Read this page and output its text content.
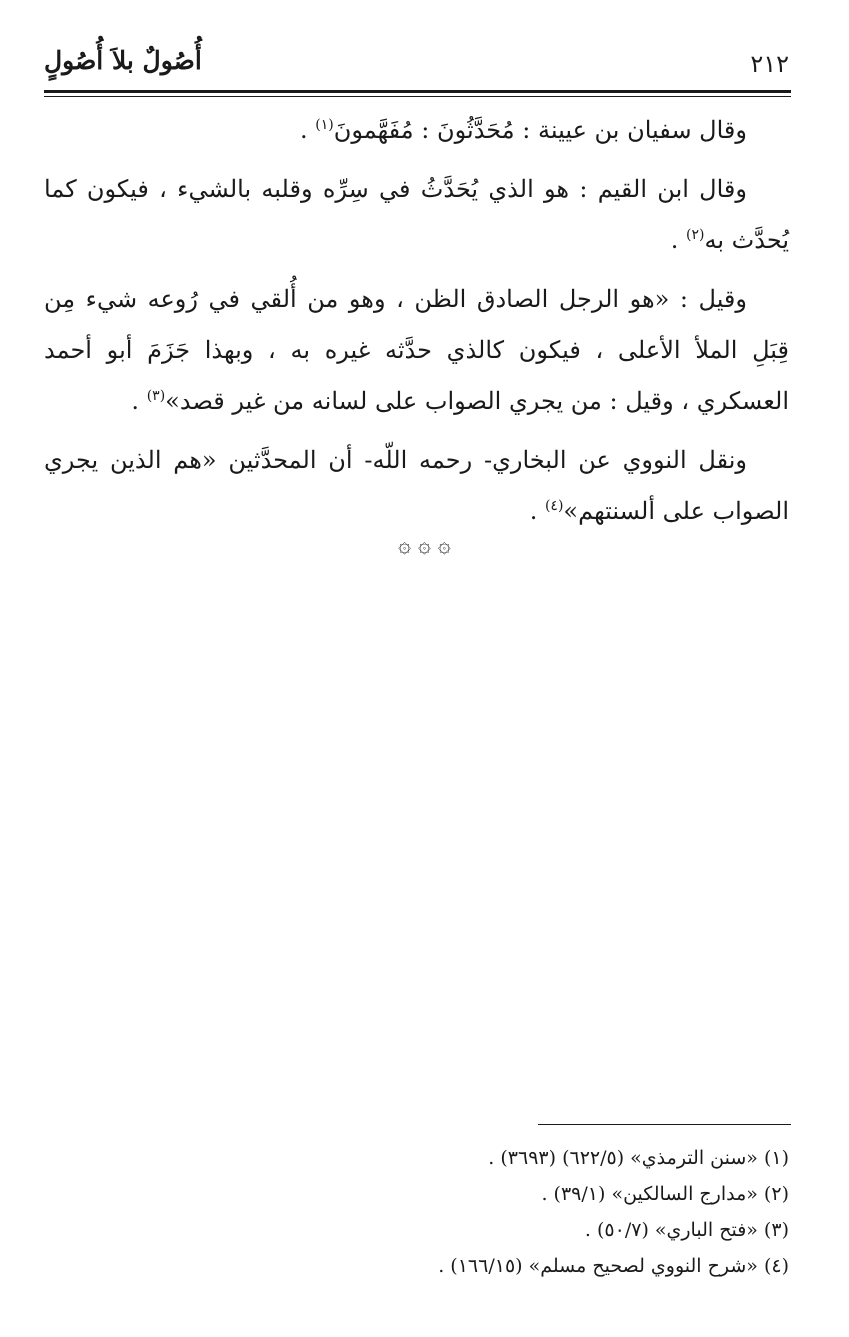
أُصُولٌ بلاَ أُصُولٍ	٢١٢

وقال سفيان بن عيينة : مُحَدَّثُونَ : مُفَهَّمونَ$^{(١)}$ .

وقال ابن القيم : هو الذي يُحَدَّثُ في سِرِّه وقلبه بالشيء ، فيكون كما يُحدَّث به$^{(٢)}$ .

وقيل : «هو الرجل الصادق الظن ، وهو من أُلقي في رُوعه شيء مِن قِبَلِ الملأ الأعلى ، فيكون كالذي حدَّثه غيره به ، وبهذا جَزَمَ أبو أحمد العسكري ، وقيل : من يجري الصواب على لسانه من غير قصد»$^{(٣)}$ .

ونقل النووي عن البخاري- رحمه اللّه- أن المحدَّثين «هم الذين يجري الصواب على ألسنتهم»$^{(٤)}$ .

۞ ۞ ۞
(١) «سنن الترمذي» (٦٢٢/٥) (٣٦٩٣) .
(٢) «مدارج السالكين» (٣٩/١) .
(٣) «فتح الباري» (٥٠/٧) .
(٤) «شرح النووي لصحيح مسلم» (١٦٦/١٥) .
